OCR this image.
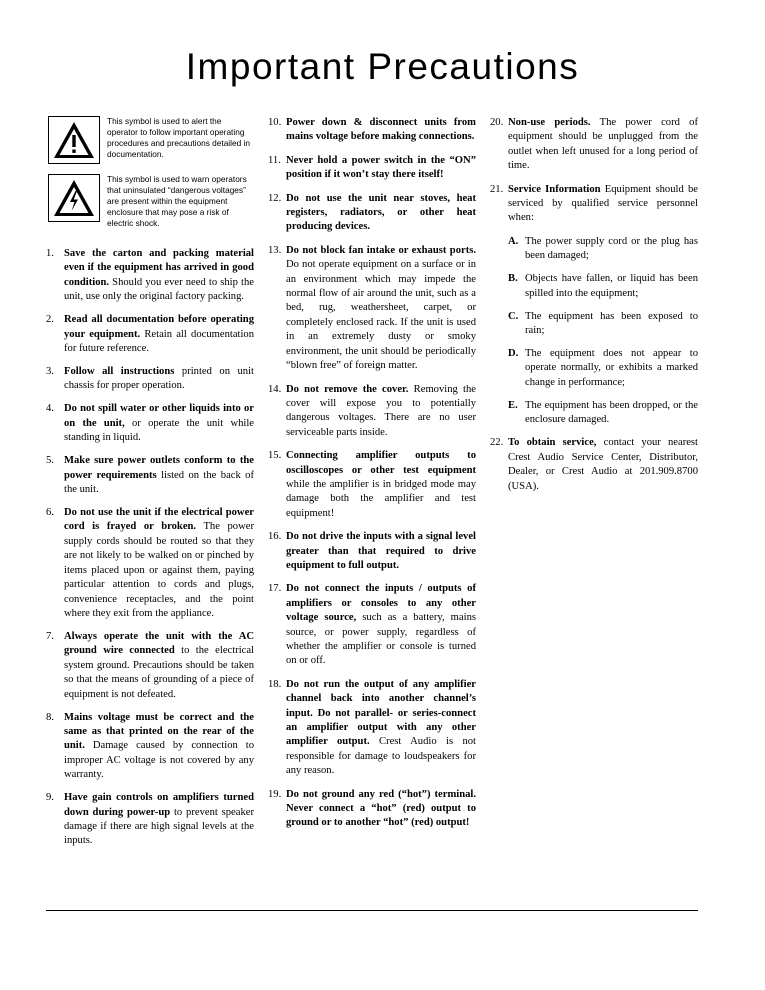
Important Precautions
This symbol is used to alert the operator to follow important operating procedures and precautions detailed in documentation.
This symbol is used to warn operators that uninsulated “dangerous voltages” are present within the equipment enclosure that may pose a risk of electric shock.
1. Save the carton and packing material even if the equipment has arrived in good condition. Should you ever need to ship the unit, use only the original factory packing.
2. Read all documentation before operating your equipment. Retain all documentation for future reference.
3. Follow all instructions printed on unit chassis for proper operation.
4. Do not spill water or other liquids into or on the unit, or operate the unit while standing in liquid.
5. Make sure power outlets conform to the power requirements listed on the back of the unit.
6. Do not use the unit if the electrical power cord is frayed or broken. The power supply cords should be routed so that they are not likely to be walked on or pinched by items placed upon or against them, paying particular attention to cords and plugs, convenience receptacles, and the point where they exit from the appliance.
7. Always operate the unit with the AC ground wire connected to the electrical system ground. Precautions should be taken so that the means of grounding of a piece of equipment is not defeated.
8. Mains voltage must be correct and the same as that printed on the rear of the unit. Damage caused by connection to improper AC voltage is not covered by any warranty.
9. Have gain controls on amplifiers turned down during power-up to prevent speaker damage if there are high signal levels at the inputs.
10. Power down & disconnect units from mains voltage before making connections.
11. Never hold a power switch in the “ON” position if it won’t stay there itself!
12. Do not use the unit near stoves, heat registers, radiators, or other heat producing devices.
13. Do not block fan intake or exhaust ports. Do not operate equipment on a surface or in an environment which may impede the normal flow of air around the unit, such as a bed, rug, weathersheet, carpet, or completely enclosed rack. If the unit is used in an extremely dusty or smoky environment, the unit should be periodically “blown free” of foreign matter.
14. Do not remove the cover. Removing the cover will expose you to potentially dangerous voltages. There are no user serviceable parts inside.
15. Connecting amplifier outputs to oscilloscopes or other test equipment while the amplifier is in bridged mode may damage both the amplifier and test equipment!
16. Do not drive the inputs with a signal level greater than that required to drive equipment to full output.
17. Do not connect the inputs / outputs of amplifiers or consoles to any other voltage source, such as a battery, mains source, or power supply, regardless of whether the amplifier or console is turned on or off.
18. Do not run the output of any amplifier channel back into another channel’s input. Do not parallel- or series-connect an amplifier output with any other amplifier output. Crest Audio is not responsible for damage to loudspeakers for any reason.
19. Do not ground any red (“hot”) terminal. Never connect a “hot” (red) output to ground or to another “hot” (red) output!
20. Non-use periods. The power cord of equipment should be unplugged from the outlet when left unused for a long period of time.
21. Service Information Equipment should be serviced by qualified service personnel when:
A. The power supply cord or the plug has been damaged;
B. Objects have fallen, or liquid has been spilled into the equipment;
C. The equipment has been exposed to rain;
D. The equipment does not appear to operate normally, or exhibits a marked change in performance;
E. The equipment has been dropped, or the enclosure damaged.
22. To obtain service, contact your nearest Crest Audio Service Center, Distributor, Dealer, or Crest Audio at 201.909.8700 (USA).
